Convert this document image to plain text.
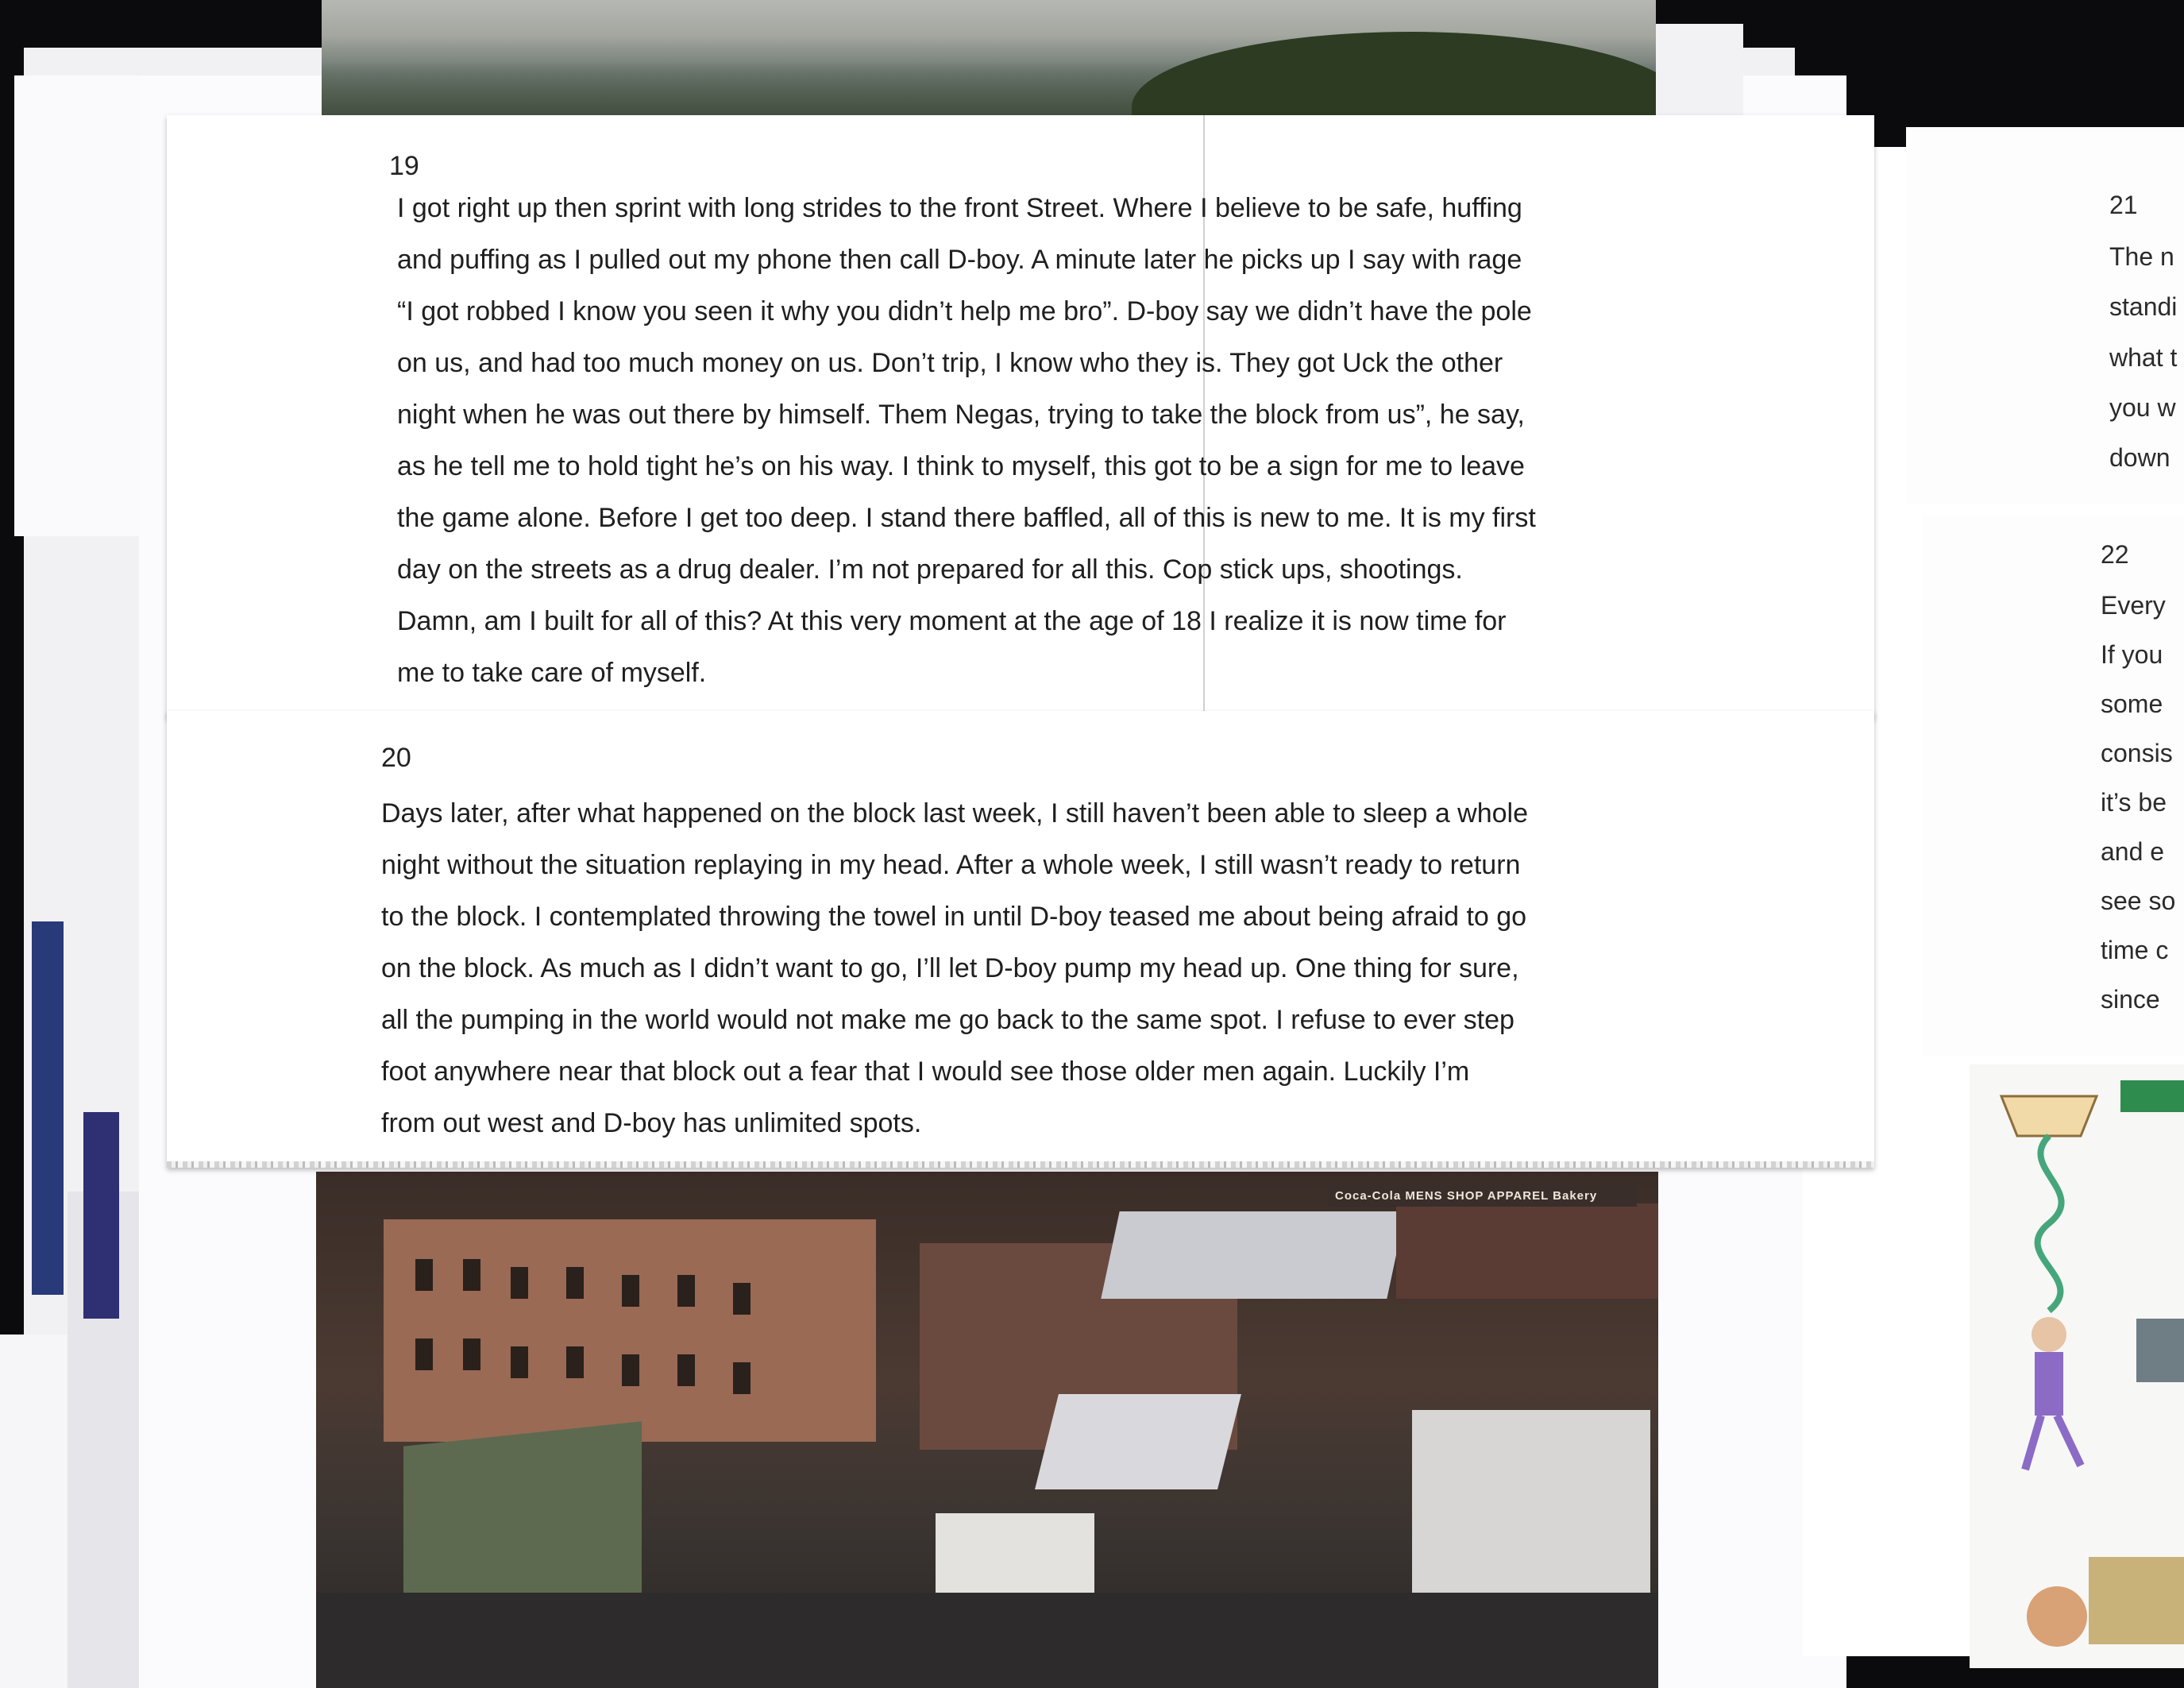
21
The n
standi
what t
you w
down
22
Every
If you
some
consis
it’s be
and e
see so
time c
since
Coca-Cola MENS SHOP APPAREL Bakery
19
I got right up then sprint with long strides to the front Street. Where I believe to be safe, huffing
and puffing as I pulled out my phone then call D-boy. A minute later he picks up I say with rage
“I got robbed I know you seen it why you didn’t help me bro”. D-boy say we didn’t have the pole
on us, and had too much money on us. Don’t trip, I know who they is. They got Uck the other
night when he was out there by himself. Them Negas, trying to take the block from us”, he say,
as he tell me to hold tight he’s on his way. I think to myself, this got to be a sign for me to leave
the game alone. Before I get too deep. I stand there baffled, all of this is new to me. It is my first
day on the streets as a drug dealer. I’m not prepared for all this. Cop stick ups, shootings.
Damn, am I built for all of this? At this very moment at the age of 18 I realize it is now time for
me to take care of myself.
20
Days later, after what happened on the block last week, I still haven’t been able to sleep a whole
night without the situation replaying in my head. After a whole week, I still wasn’t ready to return
to the block. I contemplated throwing the towel in until D-boy teased me about being afraid to go
on the block. As much as I didn’t want to go, I’ll let D-boy pump my head up. One thing for sure,
all the pumping in the world would not make me go back to the same spot. I refuse to ever step
foot anywhere near that block out a fear that I would see those older men again. Luckily I’m
from out west and D-boy has unlimited spots.
